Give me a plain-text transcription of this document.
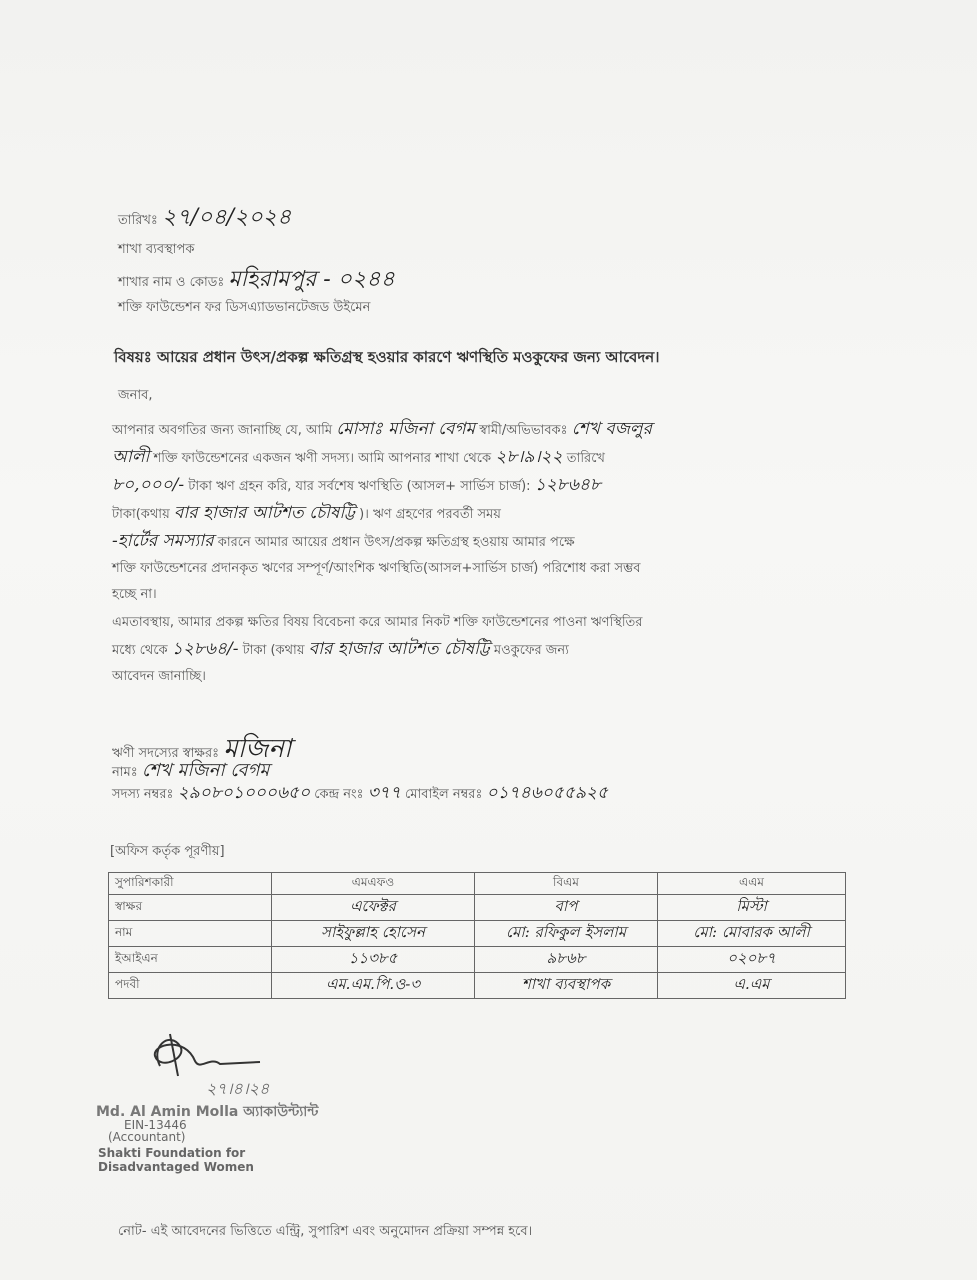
তারিখঃ ২৭/০৪/২০২৪
শাখা ব্যবস্থাপক
শাখার নাম ও কোডঃ মহিরামপুর - ০২৪৪
শক্তি ফাউন্ডেশন ফর ডিসএ্যাডভানটেজড উইমেন
বিষয়ঃ আয়ের প্রধান উৎস/প্রকল্প ক্ষতিগ্রস্থ হওয়ার কারণে ঋণস্থিতি মওকুফের জন্য আবেদন।
জনাব,
আপনার অবগতির জন্য জানাচ্ছি যে, আমি মোসাঃ মজিনা বেগম স্বামী/অভিভাবকঃ শেখ বজলুর
আলী শক্তি ফাউন্ডেশনের একজন ঋণী সদস্য। আমি আপনার শাখা থেকে ২৮।৯।২২ তারিখে
৮০,০০০/- টাকা ঋণ গ্রহন করি, যার সর্বশেষ ঋণস্থিতি (আসল+ সার্ভিস চার্জ): ১২৮৬৪৮
টাকা(কথায় বার হাজার আটশত চৌষট্টি )। ঋণ গ্রহণের পরবর্তী সময়
-হার্টের সমস্যার কারনে আমার আয়ের প্রধান উৎস/প্রকল্প ক্ষতিগ্রস্থ হওয়ায় আমার পক্ষে
শক্তি ফাউন্ডেশনের প্রদানকৃত ঋণের সম্পূর্ণ/আংশিক ঋণস্থিতি(আসল+সার্ভিস চার্জ) পরিশোধ করা সম্ভব
হচ্ছে না।
এমতাবস্থায়, আমার প্রকল্প ক্ষতির বিষয় বিবেচনা করে আমার নিকট শক্তি ফাউন্ডেশনের পাওনা ঋণস্থিতির
মধ্যে থেকে ১২৮৬৪/- টাকা (কথায় বার হাজার আটশত চৌষট্টি মওকুফের জন্য
আবেদন জানাচ্ছি।
ঋণী সদস্যের স্বাক্ষরঃ মজিনা
নামঃ শেখ মজিনা বেগম
সদস্য নম্বরঃ ২৯০৮০১০০০৬৫০ কেন্দ্র নংঃ ৩৭৭ মোবাইল নম্বরঃ ০১৭৪৬০৫৫৯২৫
[অফিস কর্তৃক পূরণীয়]
সুপারিশকারী	এমএফও	বিএম	এএম
স্বাক্ষর	এফেক্টর	বাপ	মিস্টা
নাম	সাইফুল্লাহ হোসেন	মো: রফিকুল ইসলাম	মো: মোবারক আলী
ইআইএন	১১৩৮৫	৯৮৬৮	০২০৮৭
পদবী	এম.এম.পি.ও-৩	শাখা ব্যবস্থাপক	এ.এম
২৭।৪।২৪
Md. Al Amin Molla অ্যাকাউন্ট্যান্ট
EIN-13446
(Accountant)
Shakti Foundation for
Disadvantaged Women
নোট- এই আবেদনের ভিত্তিতে এন্ট্রি, সুপারিশ এবং অনুমোদন প্রক্রিয়া সম্পন্ন হবে।
